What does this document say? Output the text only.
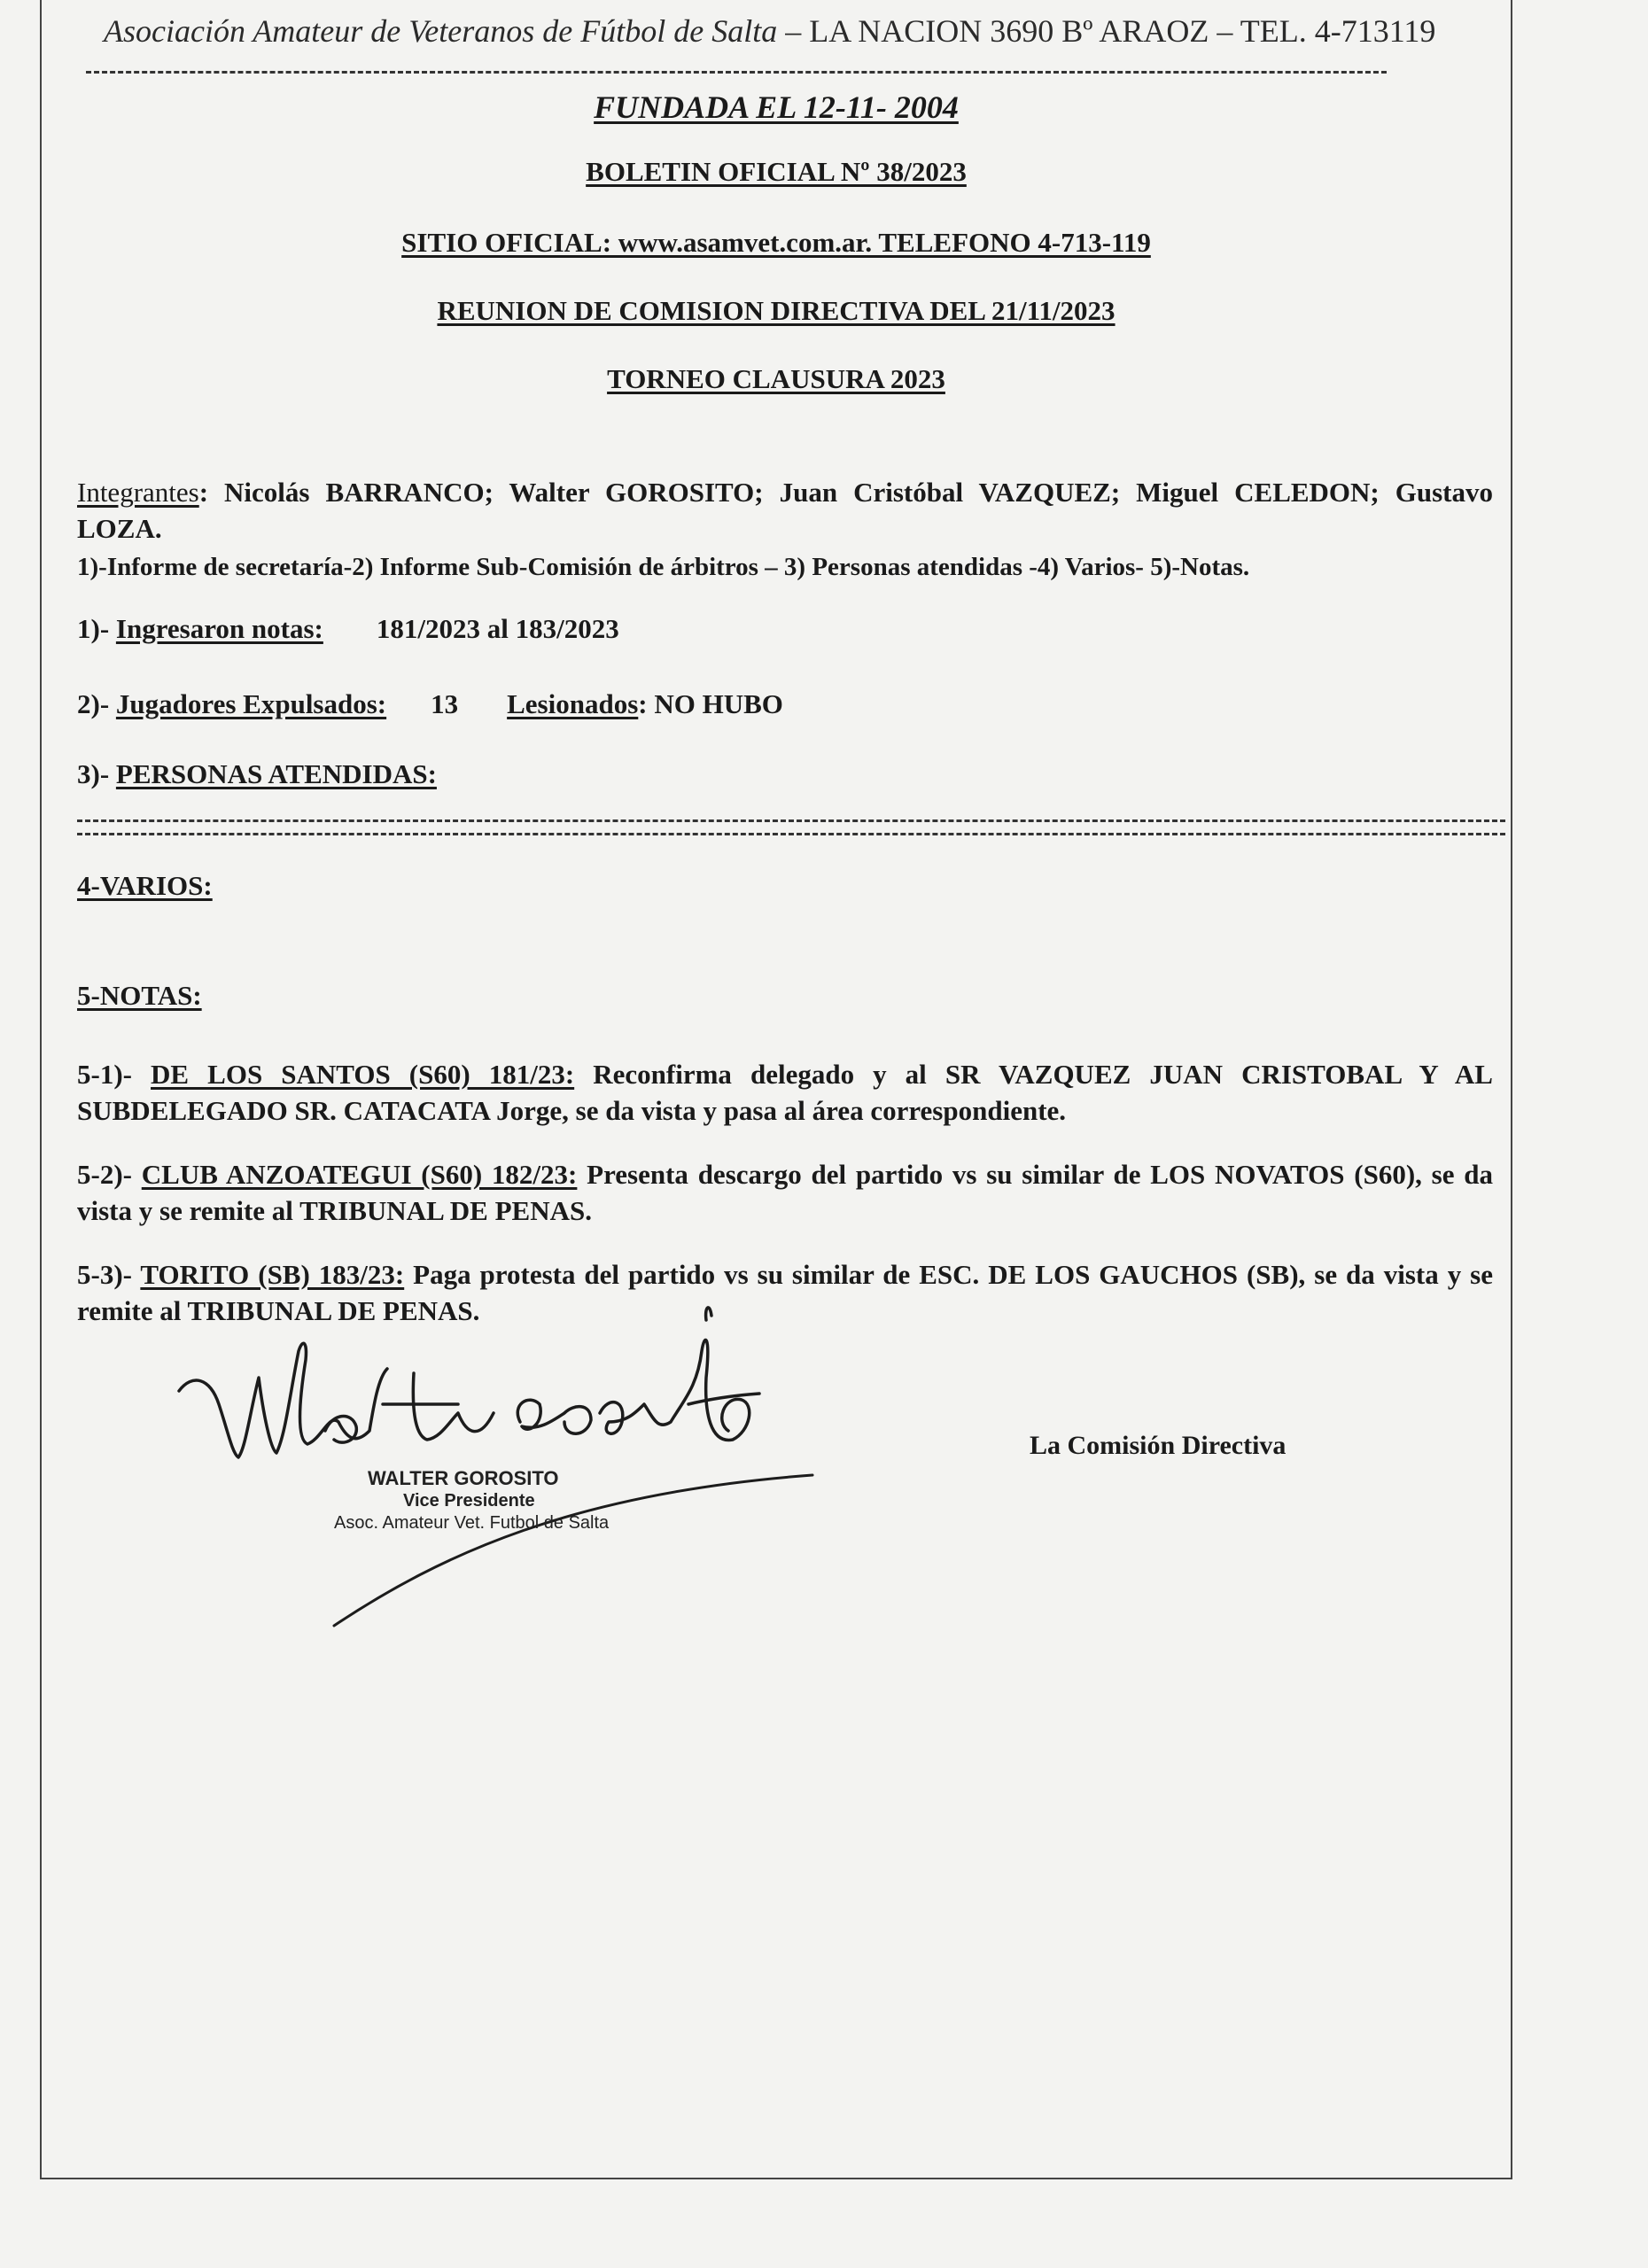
Asociación Amateur de Veteranos de Fútbol de Salta – LA NACION 3690 Bº ARAOZ – TEL. 4-713119
FUNDADA EL 12-11- 2004
BOLETIN OFICIAL Nº 38/2023
SITIO OFICIAL: www.asamvet.com.ar. TELEFONO 4-713-119
REUNION DE COMISION DIRECTIVA DEL 21/11/2023
TORNEO CLAUSURA 2023
Integrantes: Nicolás BARRANCO; Walter GOROSITO; Juan Cristóbal VAZQUEZ; Miguel CELEDON; Gustavo LOZA.
1)-Informe de secretaría-2) Informe Sub-Comisión de árbitros – 3) Personas atendidas -4) Varios- 5)-Notas.
1)- Ingresaron notas: 181/2023 al 183/2023
2)- Jugadores Expulsados: 13 Lesionados: NO HUBO
3)- PERSONAS ATENDIDAS:
4-VARIOS:
5-NOTAS:
5-1)- DE LOS SANTOS (S60) 181/23: Reconfirma delegado y al SR VAZQUEZ JUAN CRISTOBAL Y AL SUBDELEGADO SR. CATACATA Jorge, se da vista y pasa al área correspondiente.
5-2)- CLUB ANZOATEGUI (S60) 182/23: Presenta descargo del partido vs su similar de LOS NOVATOS (S60), se da vista y se remite al TRIBUNAL DE PENAS.
5-3)- TORITO (SB) 183/23: Paga protesta del partido vs su similar de ESC. DE LOS GAUCHOS (SB), se da vista y se remite al TRIBUNAL DE PENAS.
WALTER GOROSITO
Vice Presidente
Asoc. Amateur Vet. Futbol de Salta
La Comisión Directiva
